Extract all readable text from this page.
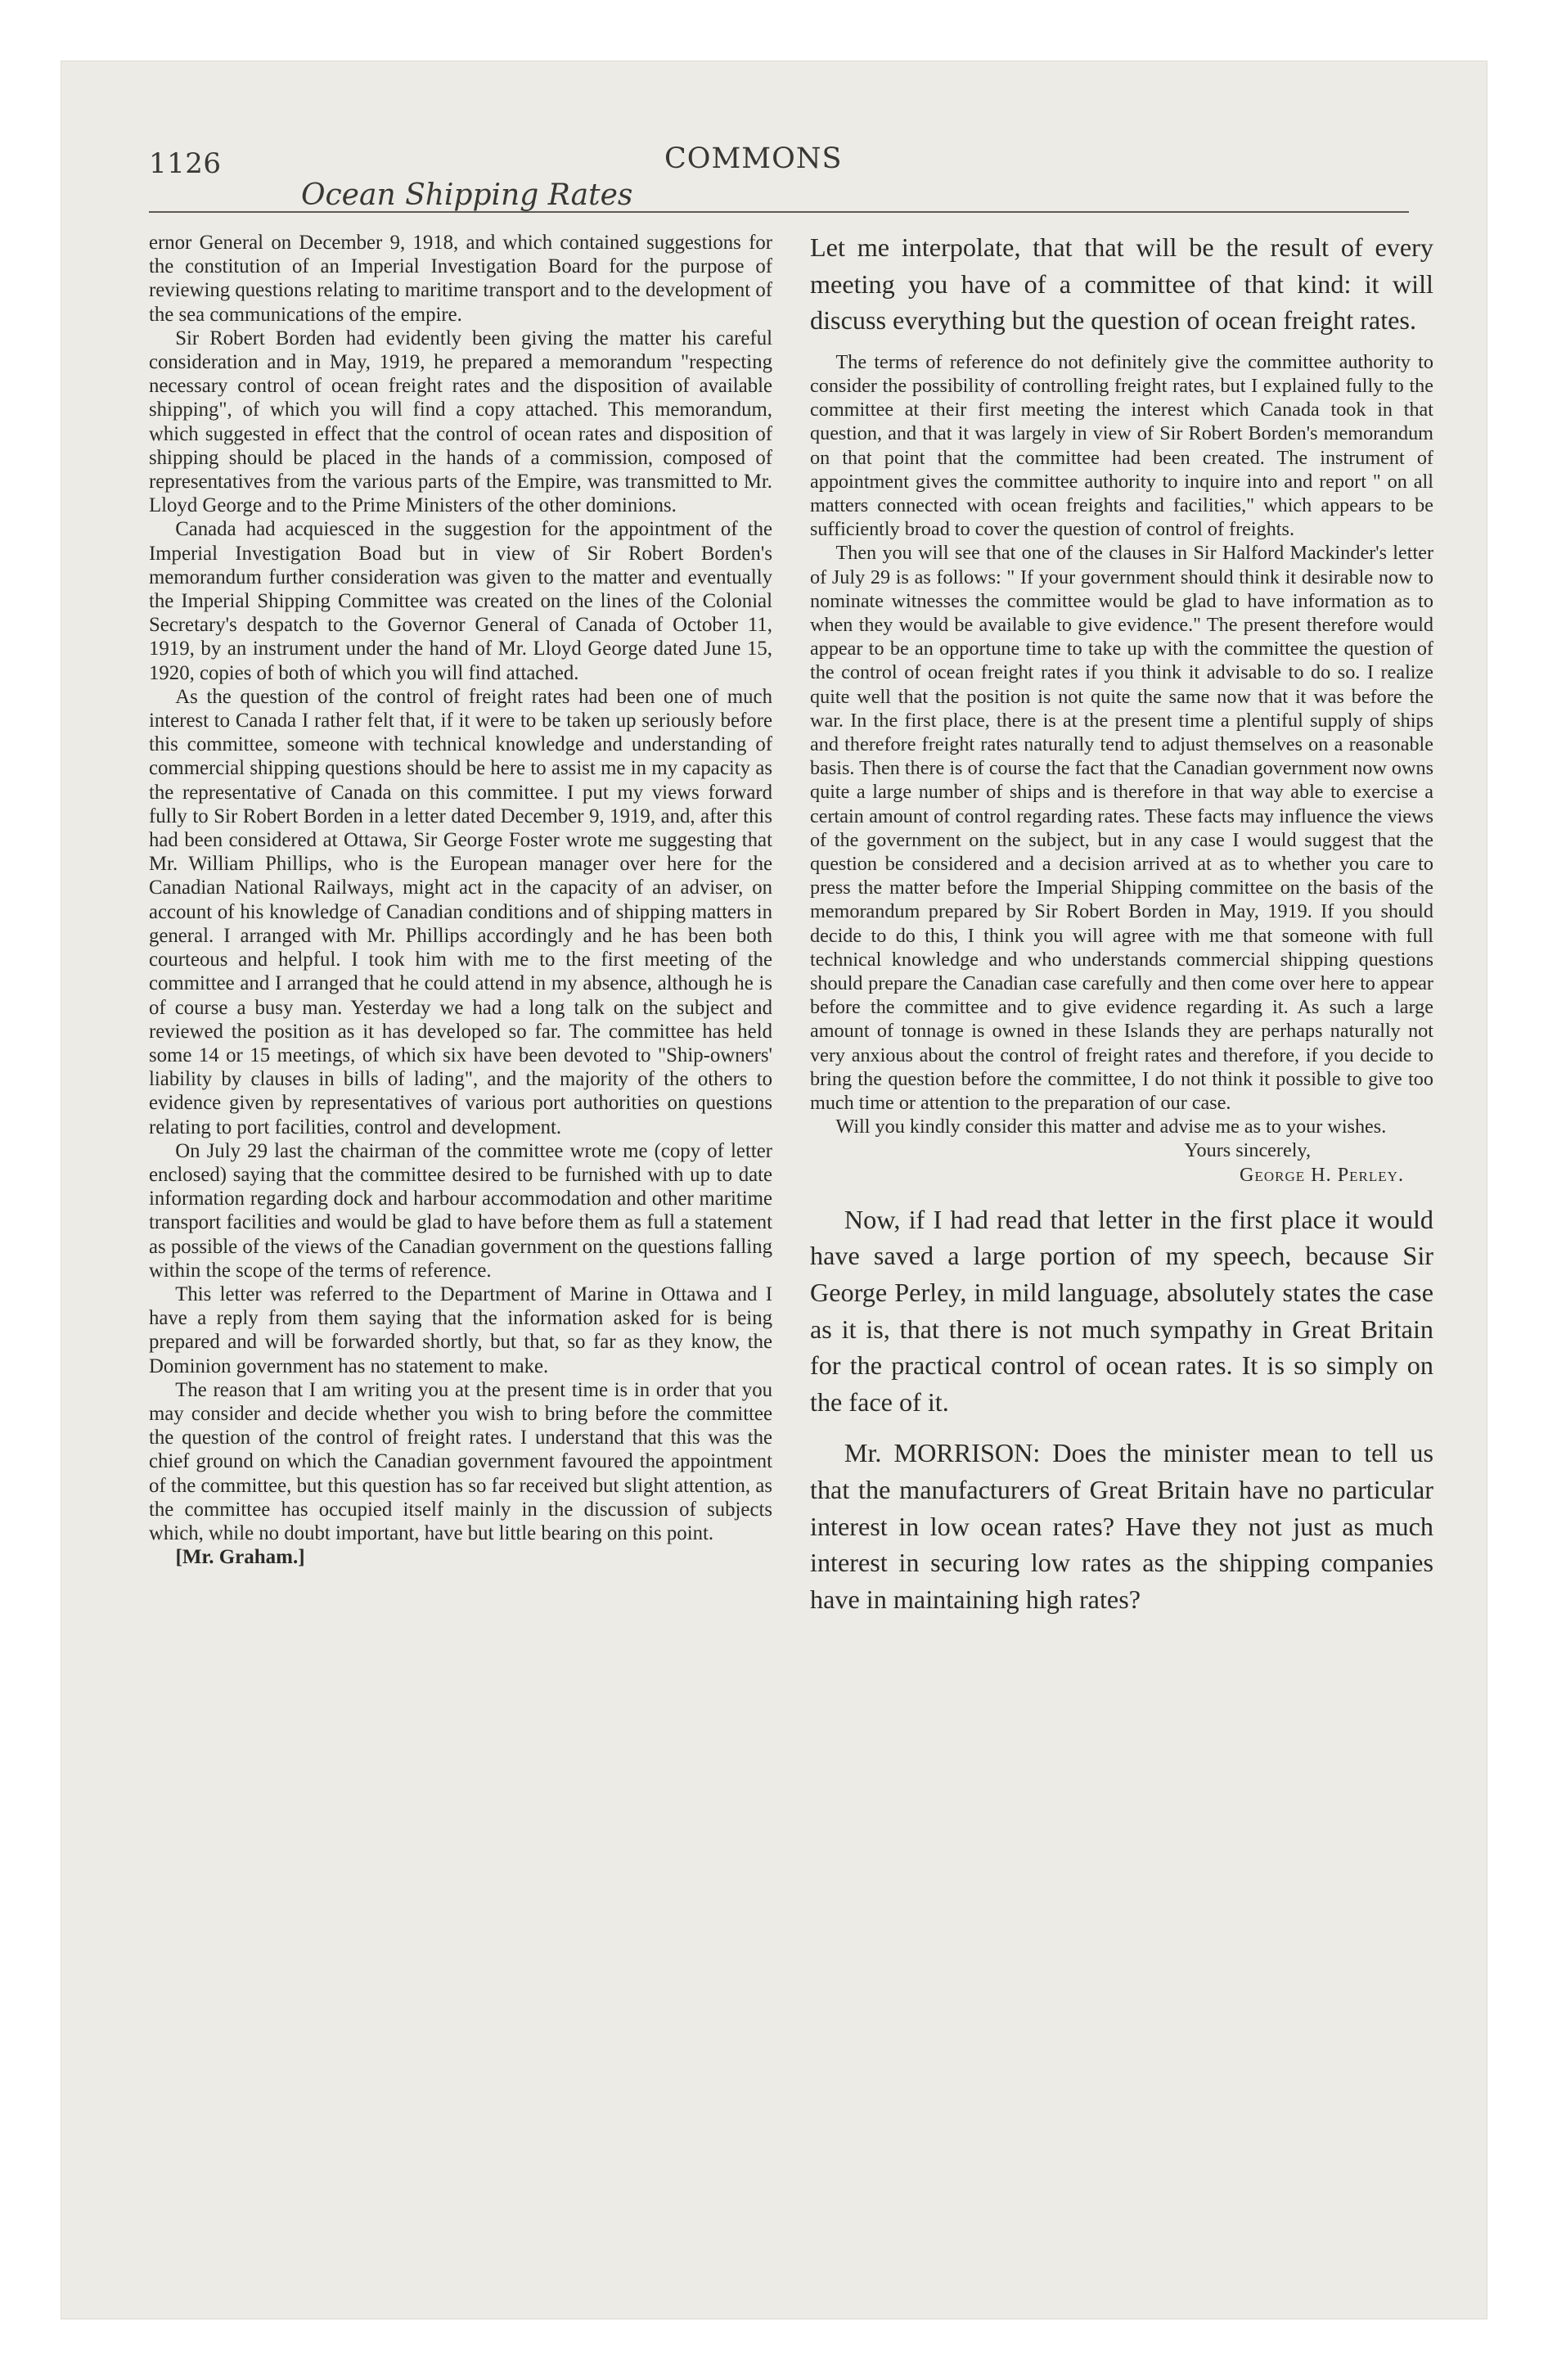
1126	COMMONS
Ocean Shipping Rates

ernor General on December 9, 1918, and which contained suggestions for the constitution of an Imperial Investigation Board for the purpose of reviewing questions relating to maritime transport and to the development of the sea communications of the empire.

Sir Robert Borden had evidently been giving the matter his careful consideration and in May, 1919, he prepared a memorandum "respecting necessary control of ocean freight rates and the disposition of available shipping", of which you will find a copy attached. This memorandum, which suggested in effect that the control of ocean rates and disposition of shipping should be placed in the hands of a commission, composed of representatives from the various parts of the Empire, was transmitted to Mr. Lloyd George and to the Prime Ministers of the other dominions.

Canada had acquiesced in the suggestion for the appointment of the Imperial Investigation Boad but in view of Sir Robert Borden's memorandum further consideration was given to the matter and eventually the Imperial Shipping Committee was created on the lines of the Colonial Secretary's despatch to the Governor General of Canada of October 11, 1919, by an instrument under the hand of Mr. Lloyd George dated June 15, 1920, copies of both of which you will find attached.

As the question of the control of freight rates had been one of much interest to Canada I rather felt that, if it were to be taken up seriously before this committee, someone with technical knowledge and understanding of commercial shipping questions should be here to assist me in my capacity as the representative of Canada on this committee. I put my views forward fully to Sir Robert Borden in a letter dated December 9, 1919, and, after this had been considered at Ottawa, Sir George Foster wrote me suggesting that Mr. William Phillips, who is the European manager over here for the Canadian National Railways, might act in the capacity of an adviser, on account of his knowledge of Canadian conditions and of shipping matters in general. I arranged with Mr. Phillips accordingly and he has been both courteous and helpful. I took him with me to the first meeting of the committee and I arranged that he could attend in my absence, although he is of course a busy man. Yesterday we had a long talk on the subject and reviewed the position as it has developed so far. The committee has held some 14 or 15 meetings, of which six have been devoted to "Ship-owners' liability by clauses in bills of lading", and the majority of the others to evidence given by representatives of various port authorities on questions relating to port facilities, control and development.

On July 29 last the chairman of the committee wrote me (copy of letter enclosed) saying that the committee desired to be furnished with up to date information regarding dock and harbour accommodation and other maritime transport facilities and would be glad to have before them as full a statement as possible of the views of the Canadian government on the questions falling within the scope of the terms of reference.

This letter was referred to the Department of Marine in Ottawa and I have a reply from them saying that the information asked for is being prepared and will be forwarded shortly, but that, so far as they know, the Dominion government has no statement to make.

The reason that I am writing you at the present time is in order that you may consider and decide whether you wish to bring before the committee the question of the control of freight rates. I understand that this was the chief ground on which the Canadian government favoured the appointment of the committee, but this question has so far received but slight attention, as the committee has occupied itself mainly in the discussion of subjects which, while no doubt important, have but little bearing on this point.

[Mr. Graham.]

Let me interpolate, that that will be the result of every meeting you have of a committee of that kind: it will discuss everything but the question of ocean freight rates.

The terms of reference do not definitely give the committee authority to consider the possibility of controlling freight rates, but I explained fully to the committee at their first meeting the interest which Canada took in that question, and that it was largely in view of Sir Robert Borden's memorandum on that point that the committee had been created. The instrument of appointment gives the committee authority to inquire into and report " on all matters connected with ocean freights and facilities," which appears to be sufficiently broad to cover the question of control of freights.

Then you will see that one of the clauses in Sir Halford Mackinder's letter of July 29 is as follows: " If your government should think it desirable now to nominate witnesses the committee would be glad to have information as to when they would be available to give evidence." The present therefore would appear to be an opportune time to take up with the committee the question of the control of ocean freight rates if you think it advisable to do so. I realize quite well that the position is not quite the same now that it was before the war. In the first place, there is at the present time a plentiful supply of ships and therefore freight rates naturally tend to adjust themselves on a reasonable basis. Then there is of course the fact that the Canadian government now owns quite a large number of ships and is therefore in that way able to exercise a certain amount of control regarding rates. These facts may influence the views of the government on the subject, but in any case I would suggest that the question be considered and a decision arrived at as to whether you care to press the matter before the Imperial Shipping committee on the basis of the memorandum prepared by Sir Robert Borden in May, 1919. If you should decide to do this, I think you will agree with me that someone with full technical knowledge and who understands commercial shipping questions should prepare the Canadian case carefully and then come over here to appear before the committee and to give evidence regarding it. As such a large amount of tonnage is owned in these Islands they are perhaps naturally not very anxious about the control of freight rates and therefore, if you decide to bring the question before the committee, I do not think it possible to give too much time or attention to the preparation of our case.

Will you kindly consider this matter and advise me as to your wishes.

Yours sincerely,

George H. Perley.

Now, if I had read that letter in the first place it would have saved a large portion of my speech, because Sir George Perley, in mild language, absolutely states the case as it is, that there is not much sympathy in Great Britain for the practical control of ocean rates. It is so simply on the face of it.

Mr. MORRISON: Does the minister mean to tell us that the manufacturers of Great Britain have no particular interest in low ocean rates? Have they not just as much interest in securing low rates as the shipping companies have in maintaining high rates?
